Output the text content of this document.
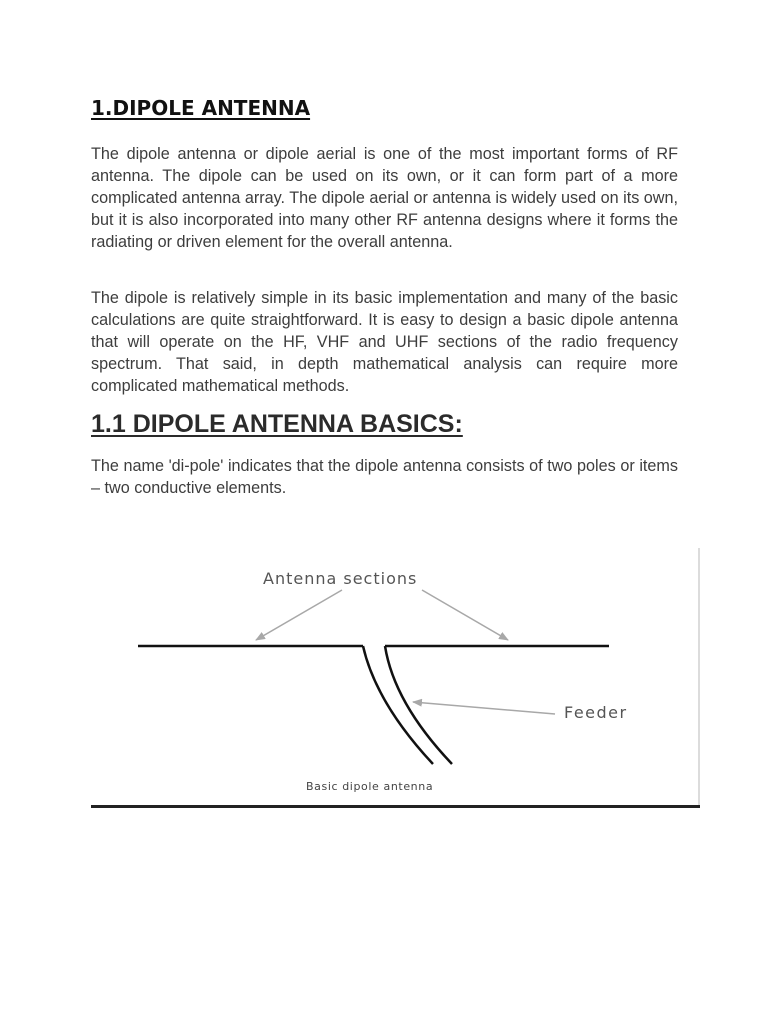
1.DIPOLE ANTENNA

The dipole antenna or dipole aerial is one of the most important forms of RF antenna. The dipole can be used on its own, or it can form part of a more complicated antenna array. The dipole aerial or antenna is widely used on its own, but it is also incorporated into many other RF antenna designs where it forms the radiating or driven element for the overall antenna.

The dipole is relatively simple in its basic implementation and many of the basic calculations are quite straightforward. It is easy to design a basic dipole antenna that will operate on the HF, VHF and UHF sections of the radio frequency spectrum. That said, in depth mathematical analysis can require more complicated mathematical methods.

1.1 DIPOLE ANTENNA BASICS:

The name 'di-pole' indicates that the dipole antenna consists of two poles or items – two conductive elements.

Antenna sections
Feeder
Basic dipole antenna
